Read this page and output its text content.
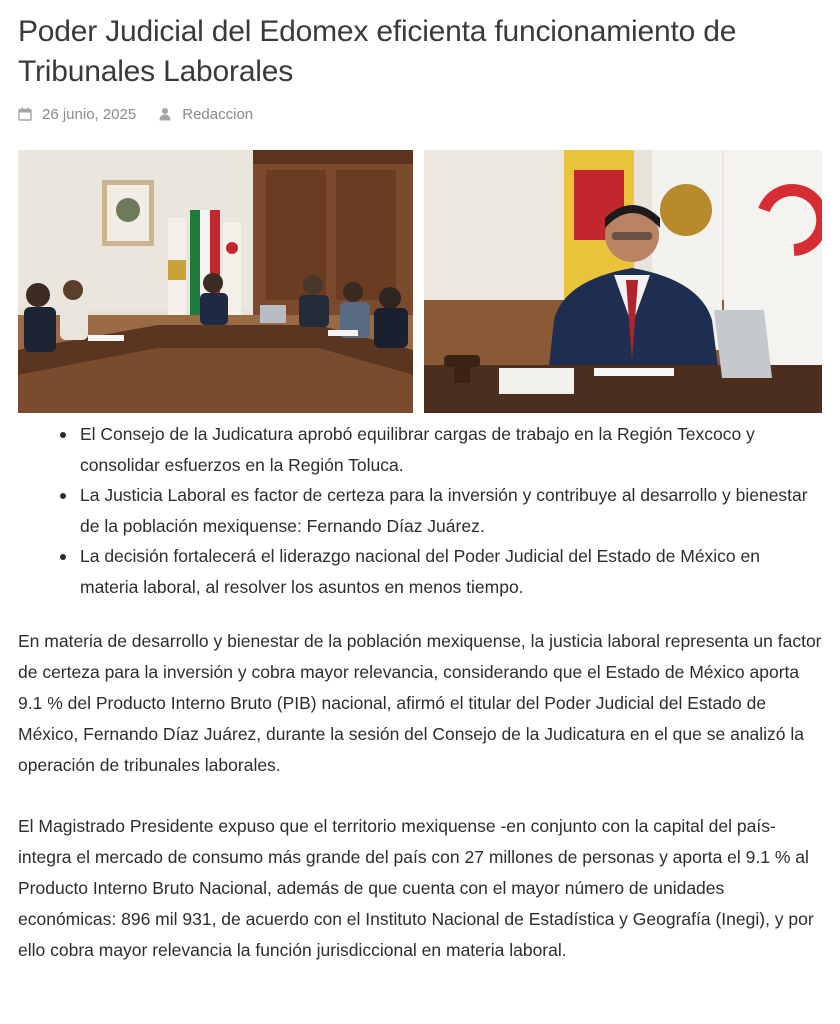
Poder Judicial del Edomex eficienta funcionamiento de Tribunales Laborales
26 junio, 2025	Redaccion
El Consejo de la Judicatura aprobó equilibrar cargas de trabajo en la Región Texcoco y consolidar esfuerzos en la Región Toluca.
La Justicia Laboral es factor de certeza para la inversión y contribuye al desarrollo y bienestar de la población mexiquense: Fernando Díaz Juárez.
La decisión fortalecerá el liderazgo nacional del Poder Judicial del Estado de México en materia laboral, al resolver los asuntos en menos tiempo.

En materia de desarrollo y bienestar de la población mexiquense, la justicia laboral representa un factor de certeza para la inversión y cobra mayor relevancia, considerando que el Estado de México aporta 9.1 % del Producto Interno Bruto (PIB) nacional, afirmó el titular del Poder Judicial del Estado de México, Fernando Díaz Juárez, durante la sesión del Consejo de la Judicatura en el que se analizó la operación de tribunales laborales.

El Magistrado Presidente expuso que el territorio mexiquense -en conjunto con la capital del país- integra el mercado de consumo más grande del país con 27 millones de personas y aporta el 9.1 % al Producto Interno Bruto Nacional, además de que cuenta con el mayor número de unidades económicas: 896 mil 931, de acuerdo con el Instituto Nacional de Estadística y Geografía (Inegi), y por ello cobra mayor relevancia la función jurisdiccional en materia laboral.
